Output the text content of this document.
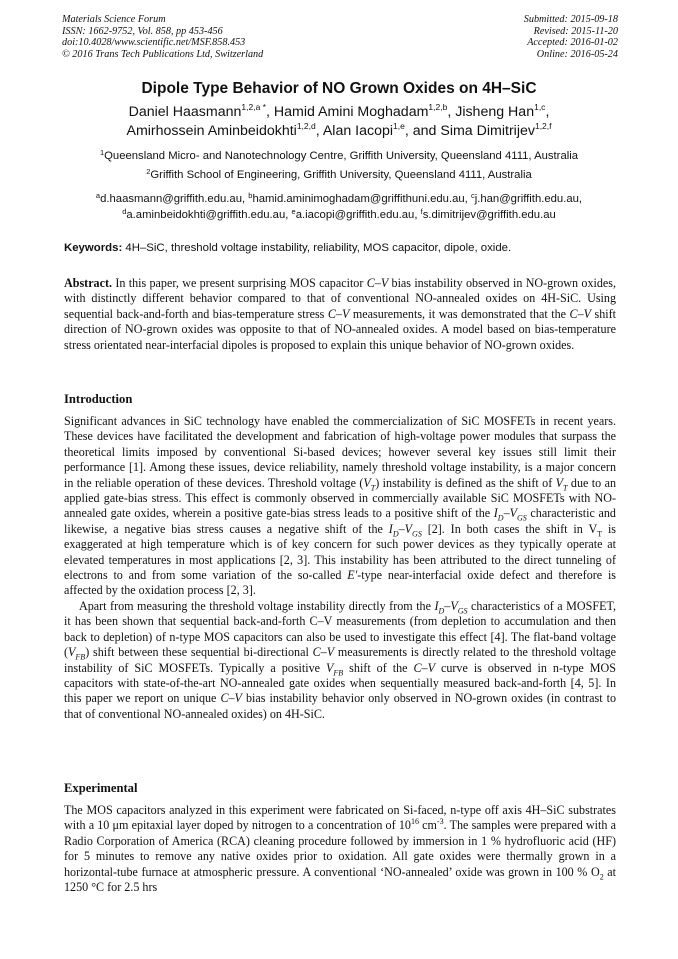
Materials Science Forum
ISSN: 1662-9752, Vol. 858, pp 453-456
doi:10.4028/www.scientific.net/MSF.858.453
© 2016 Trans Tech Publications Ltd, Switzerland
Submitted: 2015-09-18
Revised: 2015-11-20
Accepted: 2016-01-02
Online: 2016-05-24
Dipole Type Behavior of NO Grown Oxides on 4H–SiC
Daniel Haasmann$^{1,2,a *}$, Hamid Amini Moghadam$^{1,2,b}$, Jisheng Han$^{1,c}$,
Amirhossein Aminbeidokhti$^{1,2,d}$, Alan Iacopi$^{1,e}$, and Sima Dimitrijev$^{1,2,f}$
$^1$Queensland Micro- and Nanotechnology Centre, Griffith University, Queensland 4111, Australia
$^2$Griffith School of Engineering, Griffith University, Queensland 4111, Australia
$^a$d.haasmann@griffith.edu.au, $^b$hamid.aminimoghadam@griffithuni.edu.au, $^c$j.han@griffith.edu.au,
$^d$a.aminbeidokhti@griffith.edu.au, $^e$a.iacopi@griffith.edu.au, $^f$s.dimitrijev@griffith.edu.au
Keywords: 4H–SiC, threshold voltage instability, reliability, MOS capacitor, dipole, oxide.

Abstract. In this paper, we present surprising MOS capacitor C–V bias instability observed in NO-grown oxides, with distinctly different behavior compared to that of conventional NO-annealed oxides on 4H-SiC. Using sequential back-and-forth and bias-temperature stress C–V measurements, it was demonstrated that the C–V shift direction of NO-grown oxides was opposite to that of NO-annealed oxides. A model based on bias-temperature stress orientated near-interfacial dipoles is proposed to explain this unique behavior of NO-grown oxides.

Introduction

Significant advances in SiC technology have enabled the commercialization of SiC MOSFETs in recent years. These devices have facilitated the development and fabrication of high-voltage power modules that surpass the theoretical limits imposed by conventional Si-based devices; however several key issues still limit their performance [1]. Among these issues, device reliability, namely threshold voltage instability, is a major concern in the reliable operation of these devices. Threshold voltage $(V_T)$ instability is defined as the shift of $V_T$ due to an applied gate-bias stress. This effect is commonly observed in commercially available SiC MOSFETs with NO-annealed gate oxides, wherein a positive gate-bias stress leads to a positive shift of the $I_D-V_{GS}$ characteristic and likewise, a negative bias stress causes a negative shift of the $I_D-V_{GS}$ [2]. In both cases the shift in $V_T$ is exaggerated at high temperature which is of key concern for such power devices as they typically operate at elevated temperatures in most applications [2, 3]. This instability has been attributed to the direct tunneling of electrons to and from some variation of the so-called E'-type near-interfacial oxide defect and therefore is affected by the oxidation process [2, 3].

Apart from measuring the threshold voltage instability directly from the $I_D-V_{GS}$ characteristics of a MOSFET, it has been shown that sequential back-and-forth C–V measurements (from depletion to accumulation and then back to depletion) of n-type MOS capacitors can also be used to investigate this effect [4]. The flat-band voltage $(V_{FB})$ shift between these sequential bi-directional C–V measurements is directly related to the threshold voltage instability of SiC MOSFETs. Typically a positive $V_{FB}$ shift of the C–V curve is observed in n-type MOS capacitors with state-of-the-art NO-annealed gate oxides when sequentially measured back-and-forth [4, 5]. In this paper we report on unique C–V bias instability behavior only observed in NO-grown oxides (in contrast to that of conventional NO-annealed oxides) on 4H-SiC.

Experimental

The MOS capacitors analyzed in this experiment were fabricated on Si-faced, n-type off axis 4H–SiC substrates with a 10 μm epitaxial layer doped by nitrogen to a concentration of $10^{16}$ $cm^{-3}$. The samples were prepared with a Radio Corporation of America (RCA) cleaning procedure followed by immersion in 1 % hydrofluoric acid (HF) for 5 minutes to remove any native oxides prior to oxidation. All gate oxides were thermally grown in a horizontal-tube furnace at atmospheric pressure. A conventional ‘NO-annealed’ oxide was grown in 100 % $O_2$ at 1250 °C for 2.5 hrs
